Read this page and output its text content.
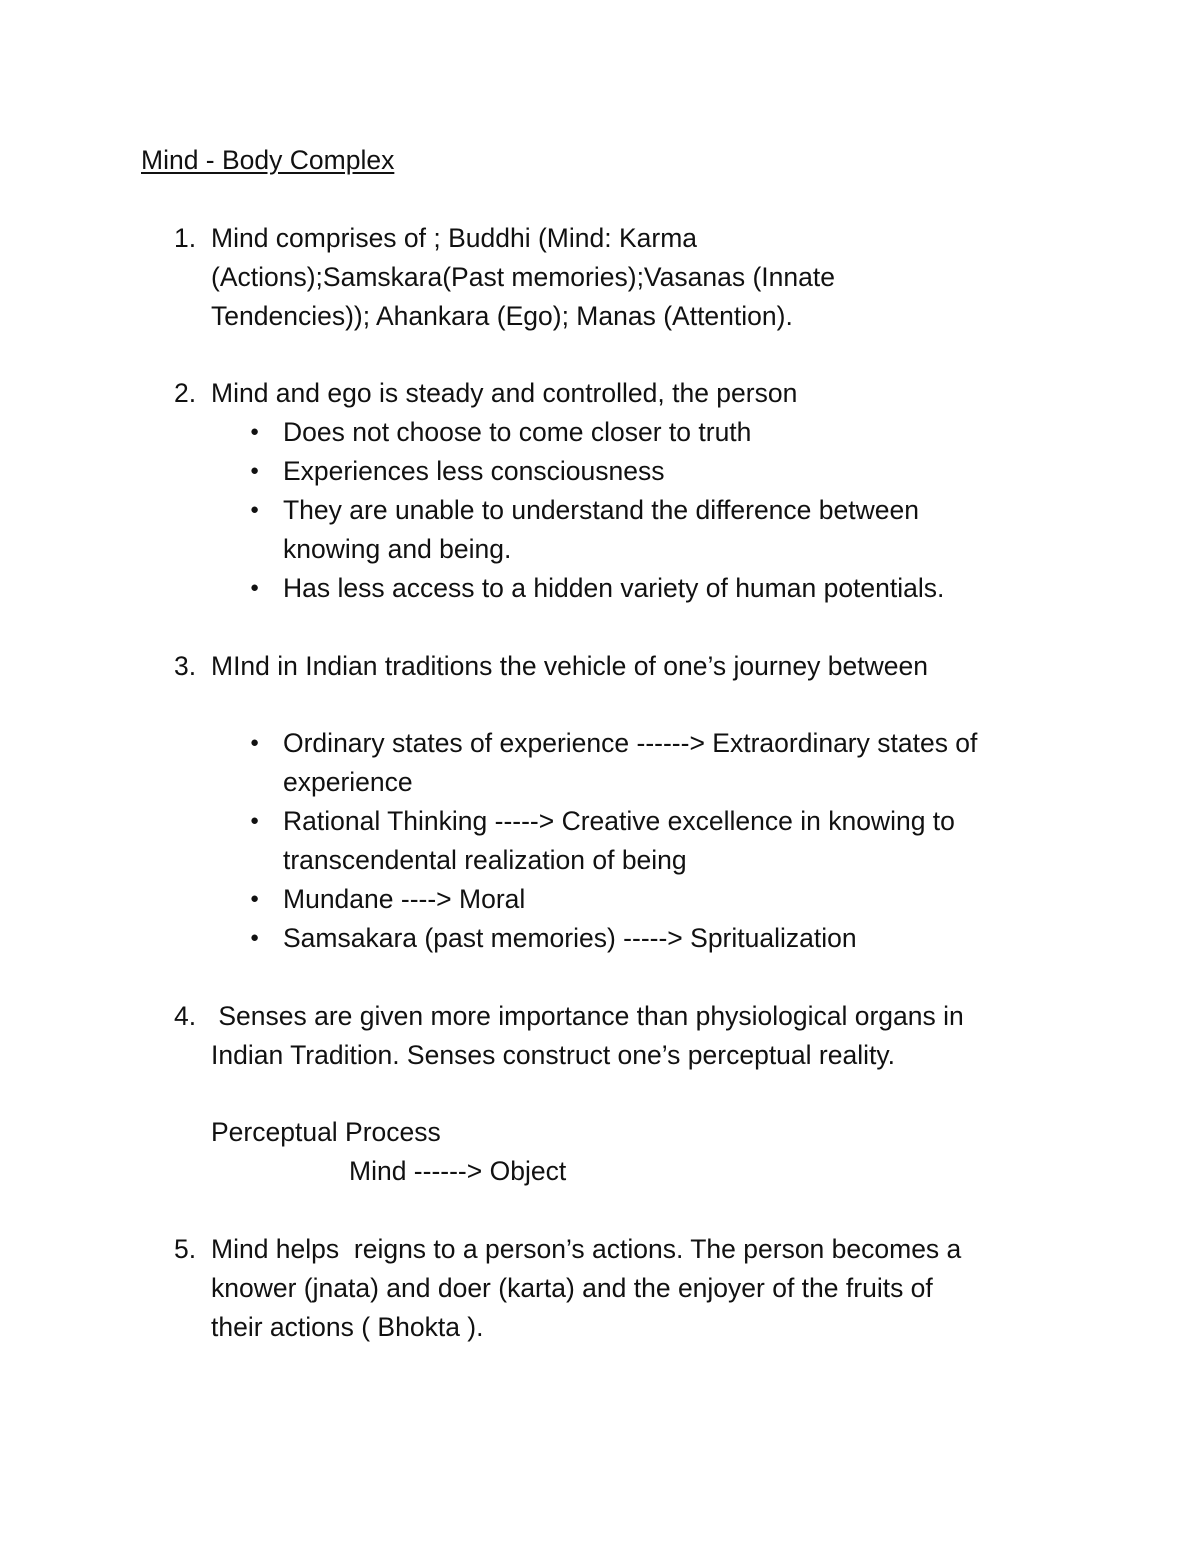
Mind - Body Complex
1. Mind comprises of ; Buddhi (Mind: Karma
(Actions);Samskara(Past memories);Vasanas (Innate
Tendencies)); Ahankara (Ego); Manas (Attention).
2. Mind and ego is steady and controlled, the person
● Does not choose to come closer to truth
● Experiences less consciousness
● They are unable to understand the difference between
knowing and being.
● Has less access to a hidden variety of human potentials.
3. MInd in Indian traditions the vehicle of one’s journey between
● Ordinary states of experience ------> Extraordinary states of
experience
● Rational Thinking -----> Creative excellence in knowing to
transcendental realization of being
● Mundane ----> Moral
● Samsakara (past memories) -----> Spritualization
4. Senses are given more importance than physiological organs in
Indian Tradition. Senses construct one’s perceptual reality.
Perceptual Process
Mind ------> Object
5. Mind helps  reigns to a person’s actions. The person becomes a
knower (jnata) and doer (karta) and the enjoyer of the fruits of
their actions ( Bhokta ).
